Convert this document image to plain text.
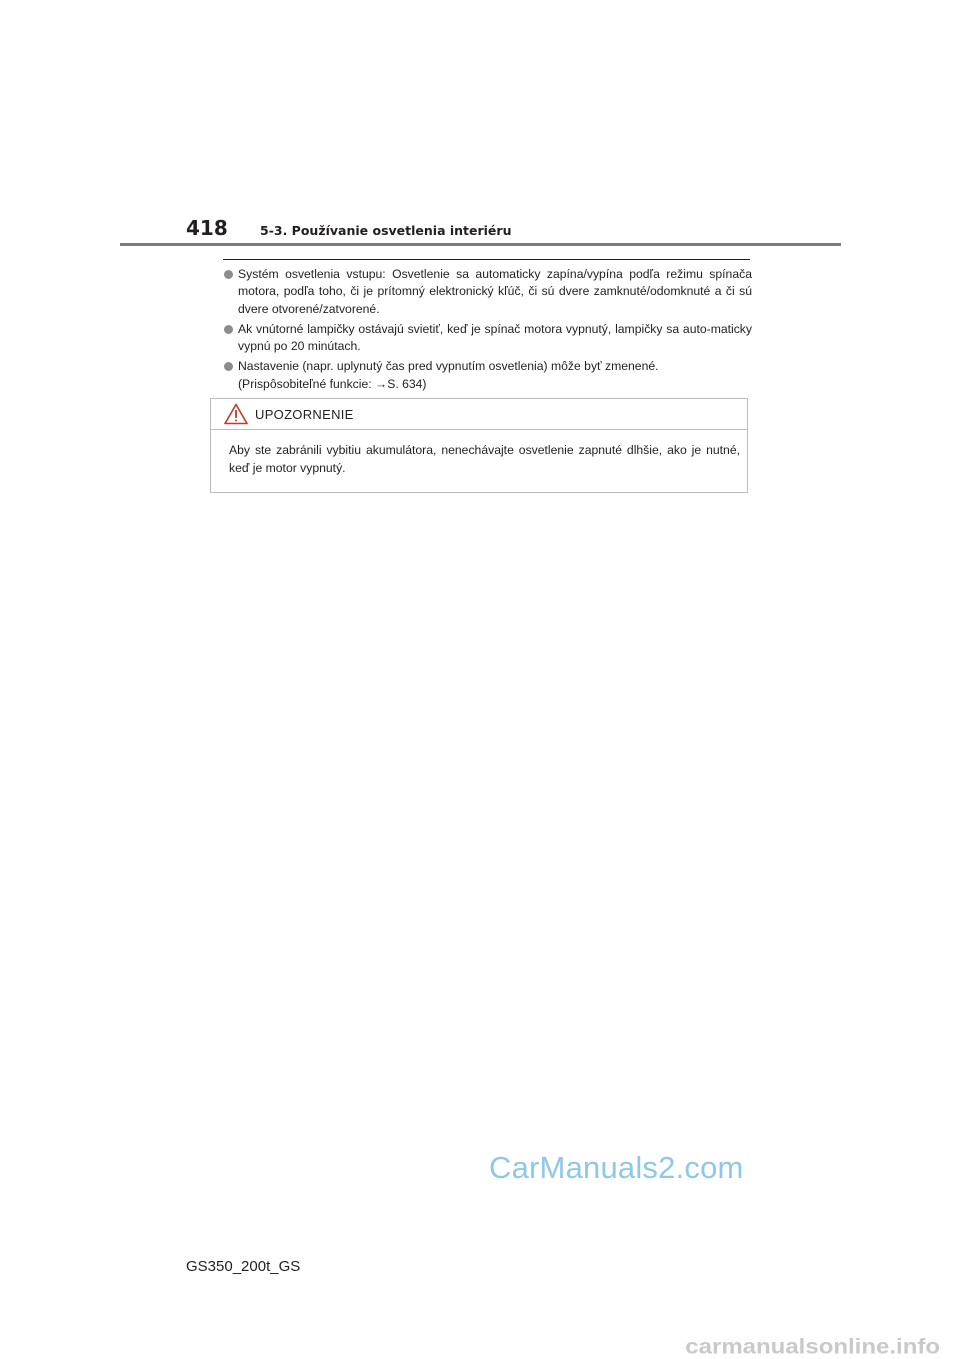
418	5-3. Používanie osvetlenia interiéru
Systém osvetlenia vstupu: Osvetlenie sa automaticky zapína/vypína podľa režimu spínača motora, podľa toho, či je prítomný elektronický kľúč, či sú dvere zamknuté/odomknuté a či sú dvere otvorené/zatvorené.
Ak vnútorné lampičky ostávajú svietiť, keď je spínač motora vypnutý, lampičky sa auto-maticky vypnú po 20 minútach.
Nastavenie (napr. uplynutý čas pred vypnutím osvetlenia) môže byť zmenené.
(Prispôsobiteľné funkcie: →S. 634)
UPOZORNENIE
Aby ste zabránili vybitiu akumulátora, nenechávajte osvetlenie zapnuté dlhšie, ako je nutné, keď je motor vypnutý.
CarManuals2.com
GS350_200t_GS
carmanualsonline.info
